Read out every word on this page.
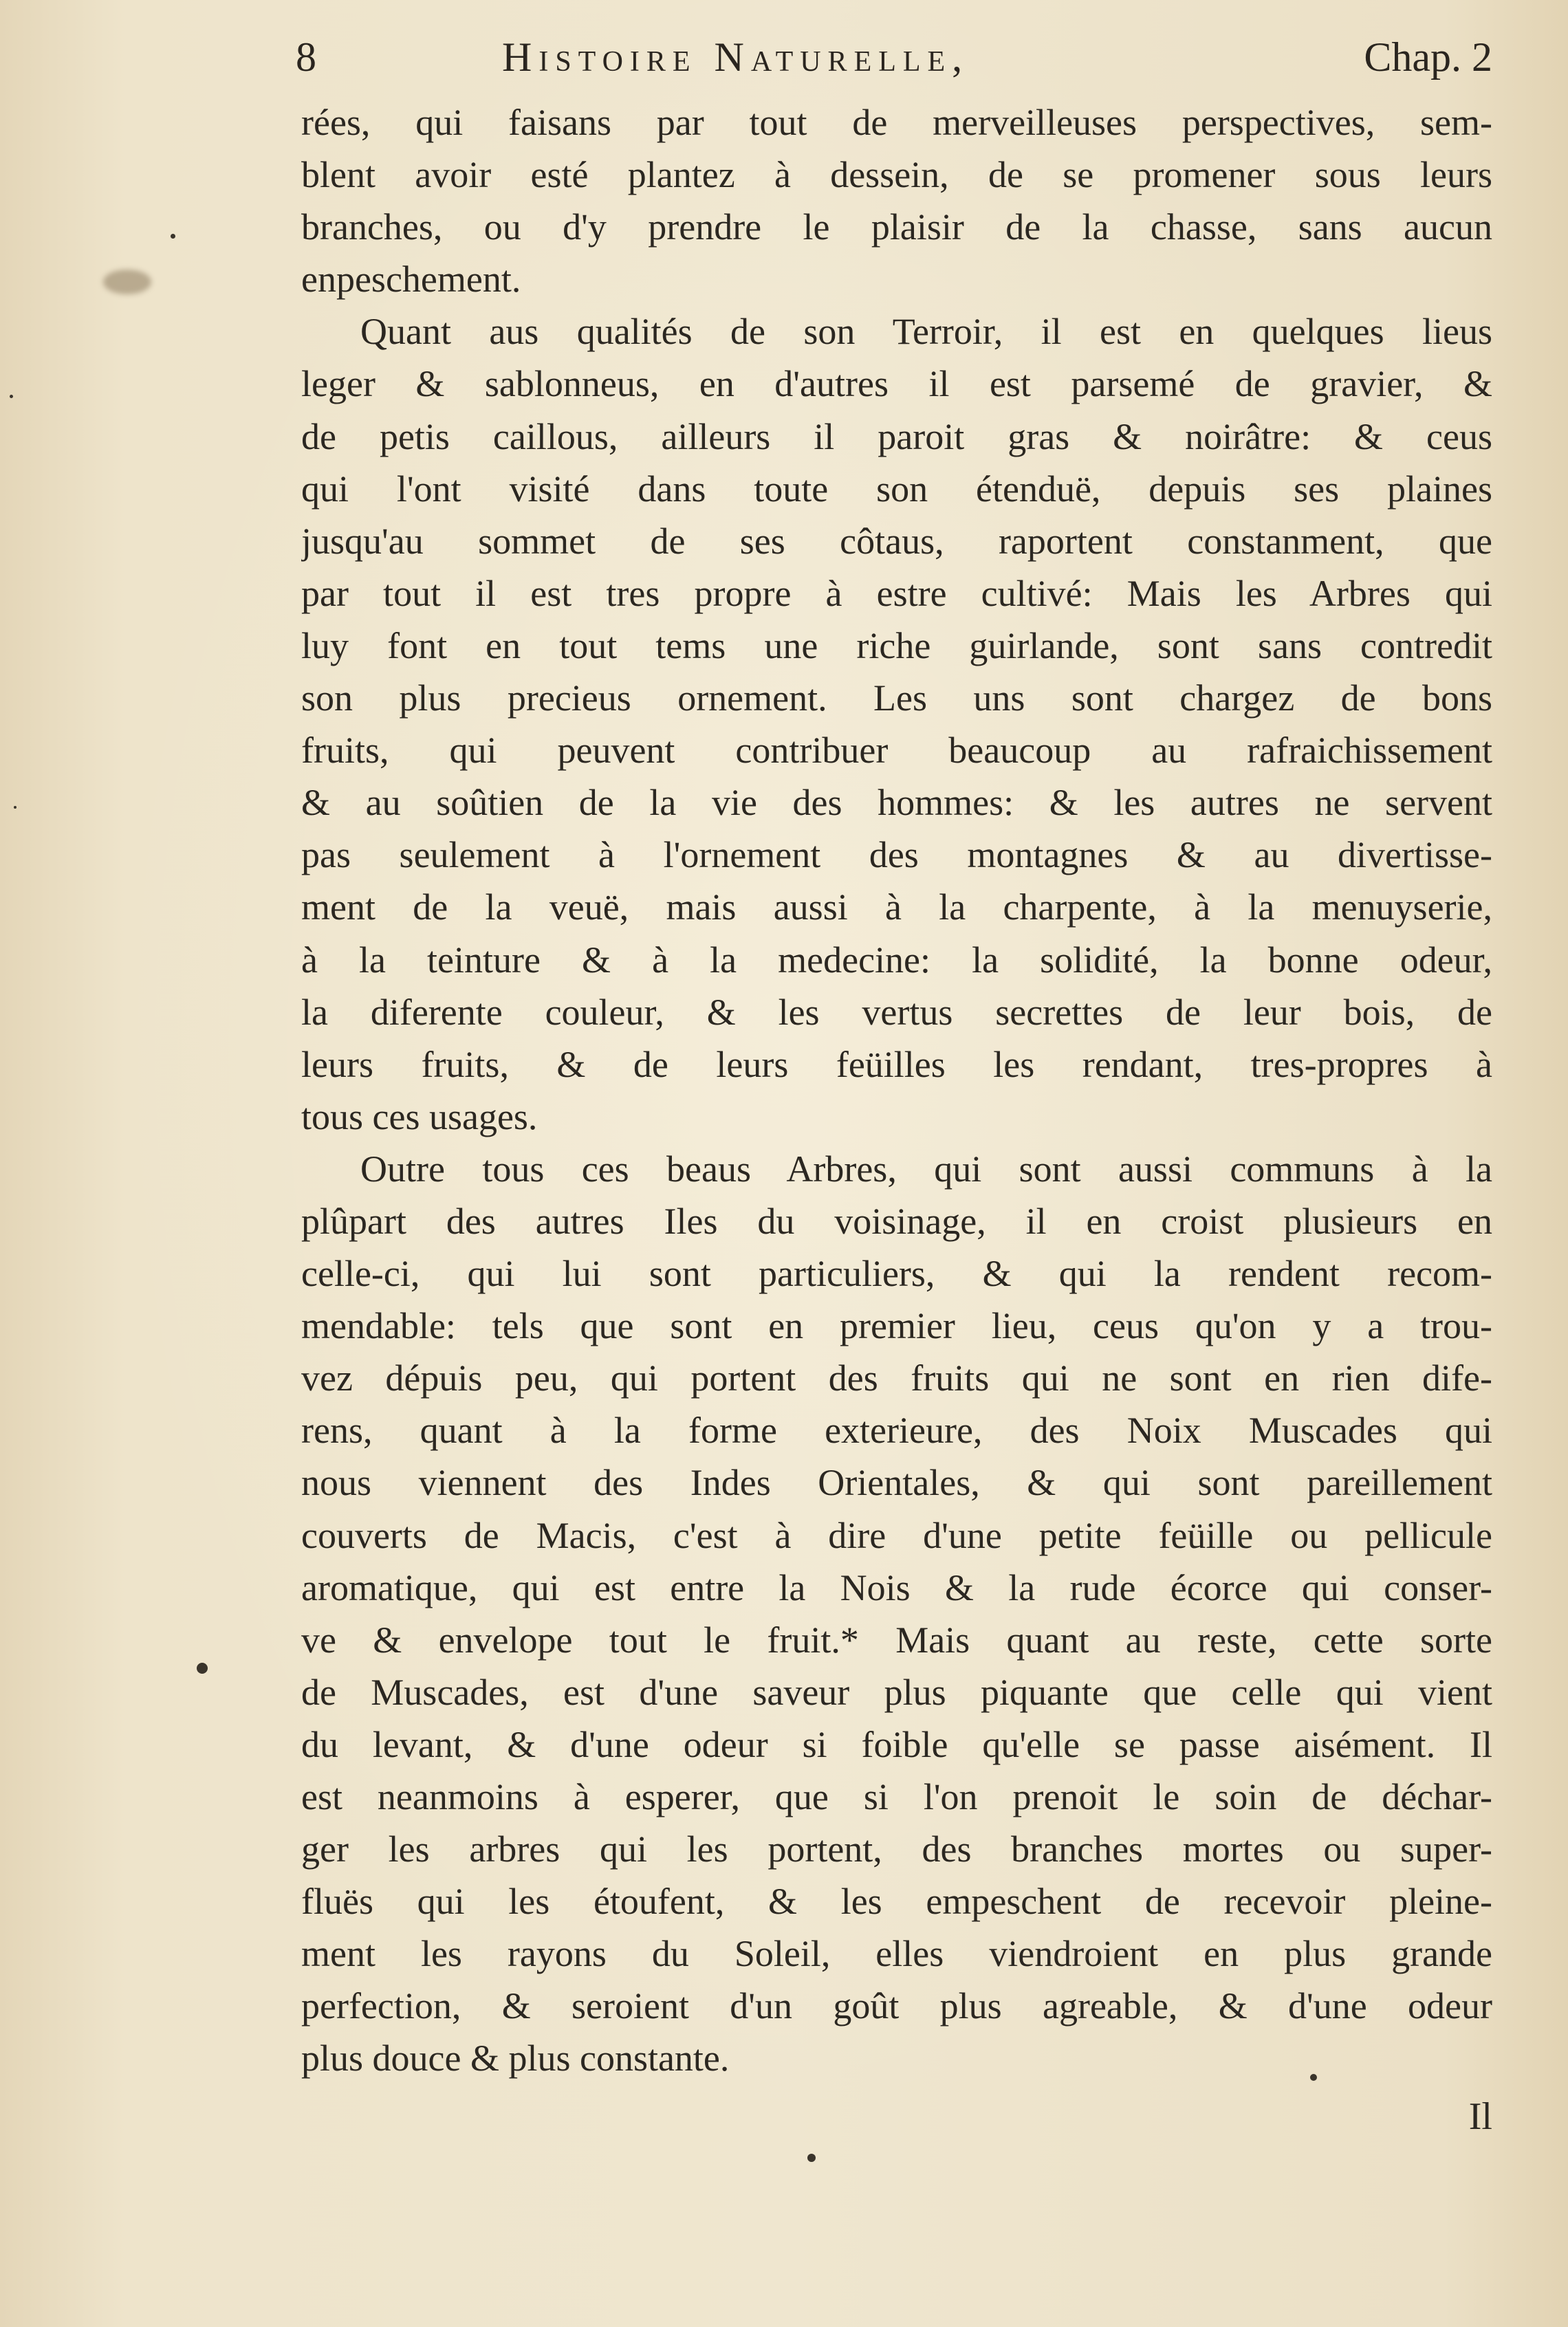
8	Histoire Naturelle,	Chap. 2
rées, qui faisans par tout de merveilleuses perspectives, sem-
blent avoir esté plantez à dessein, de se promener sous leurs
branches, ou d'y prendre le plaisir de la chasse, sans aucun
enpeschement.
Quant aus qualités de son Terroir, il est en quelques lieus
leger & sablonneus, en d'autres il est parsemé de gravier, &
de petis caillous, ailleurs il paroit gras & noirâtre: & ceus
qui l'ont visité dans toute son étenduë, depuis ses plaines
jusqu'au sommet de ses côtaus, raportent constanment, que
par tout il est tres propre à estre cultivé: Mais les Arbres qui
luy font en tout tems une riche guirlande, sont sans contredit
son plus precieus ornement. Les uns sont chargez de bons
fruits, qui peuvent contribuer beaucoup au rafraichissement
& au soûtien de la vie des hommes: & les autres ne servent
pas seulement à l'ornement des montagnes & au divertisse-
ment de la veuë, mais aussi à la charpente, à la menuyserie,
à la teinture & à la medecine: la solidité, la bonne odeur,
la diferente couleur, & les vertus secrettes de leur bois, de
leurs fruits, & de leurs feüilles les rendant, tres-propres à
tous ces usages.
Outre tous ces beaus Arbres, qui sont aussi communs à la
plûpart des autres Iles du voisinage, il en croist plusieurs en
celle-ci, qui lui sont particuliers, & qui la rendent recom-
mendable: tels que sont en premier lieu, ceus qu'on y a trou-
vez dépuis peu, qui portent des fruits qui ne sont en rien dife-
rens, quant à la forme exterieure, des Noix Muscades qui
nous viennent des Indes Orientales, & qui sont pareillement
couverts de Macis, c'est à dire d'une petite feüille ou pellicule
aromatique, qui est entre la Nois & la rude écorce qui conser-
ve & envelope tout le fruit.* Mais quant au reste, cette sorte
de Muscades, est d'une saveur plus piquante que celle qui vient
du levant, & d'une odeur si foible qu'elle se passe aisément. Il
est neanmoins à esperer, que si l'on prenoit le soin de déchar-
ger les arbres qui les portent, des branches mortes ou super-
fluës qui les étoufent, & les empeschent de recevoir pleine-
ment les rayons du Soleil, elles viendroient en plus grande
perfection, & seroient d'un goût plus agreable, & d'une odeur
plus douce & plus constante.
Il
